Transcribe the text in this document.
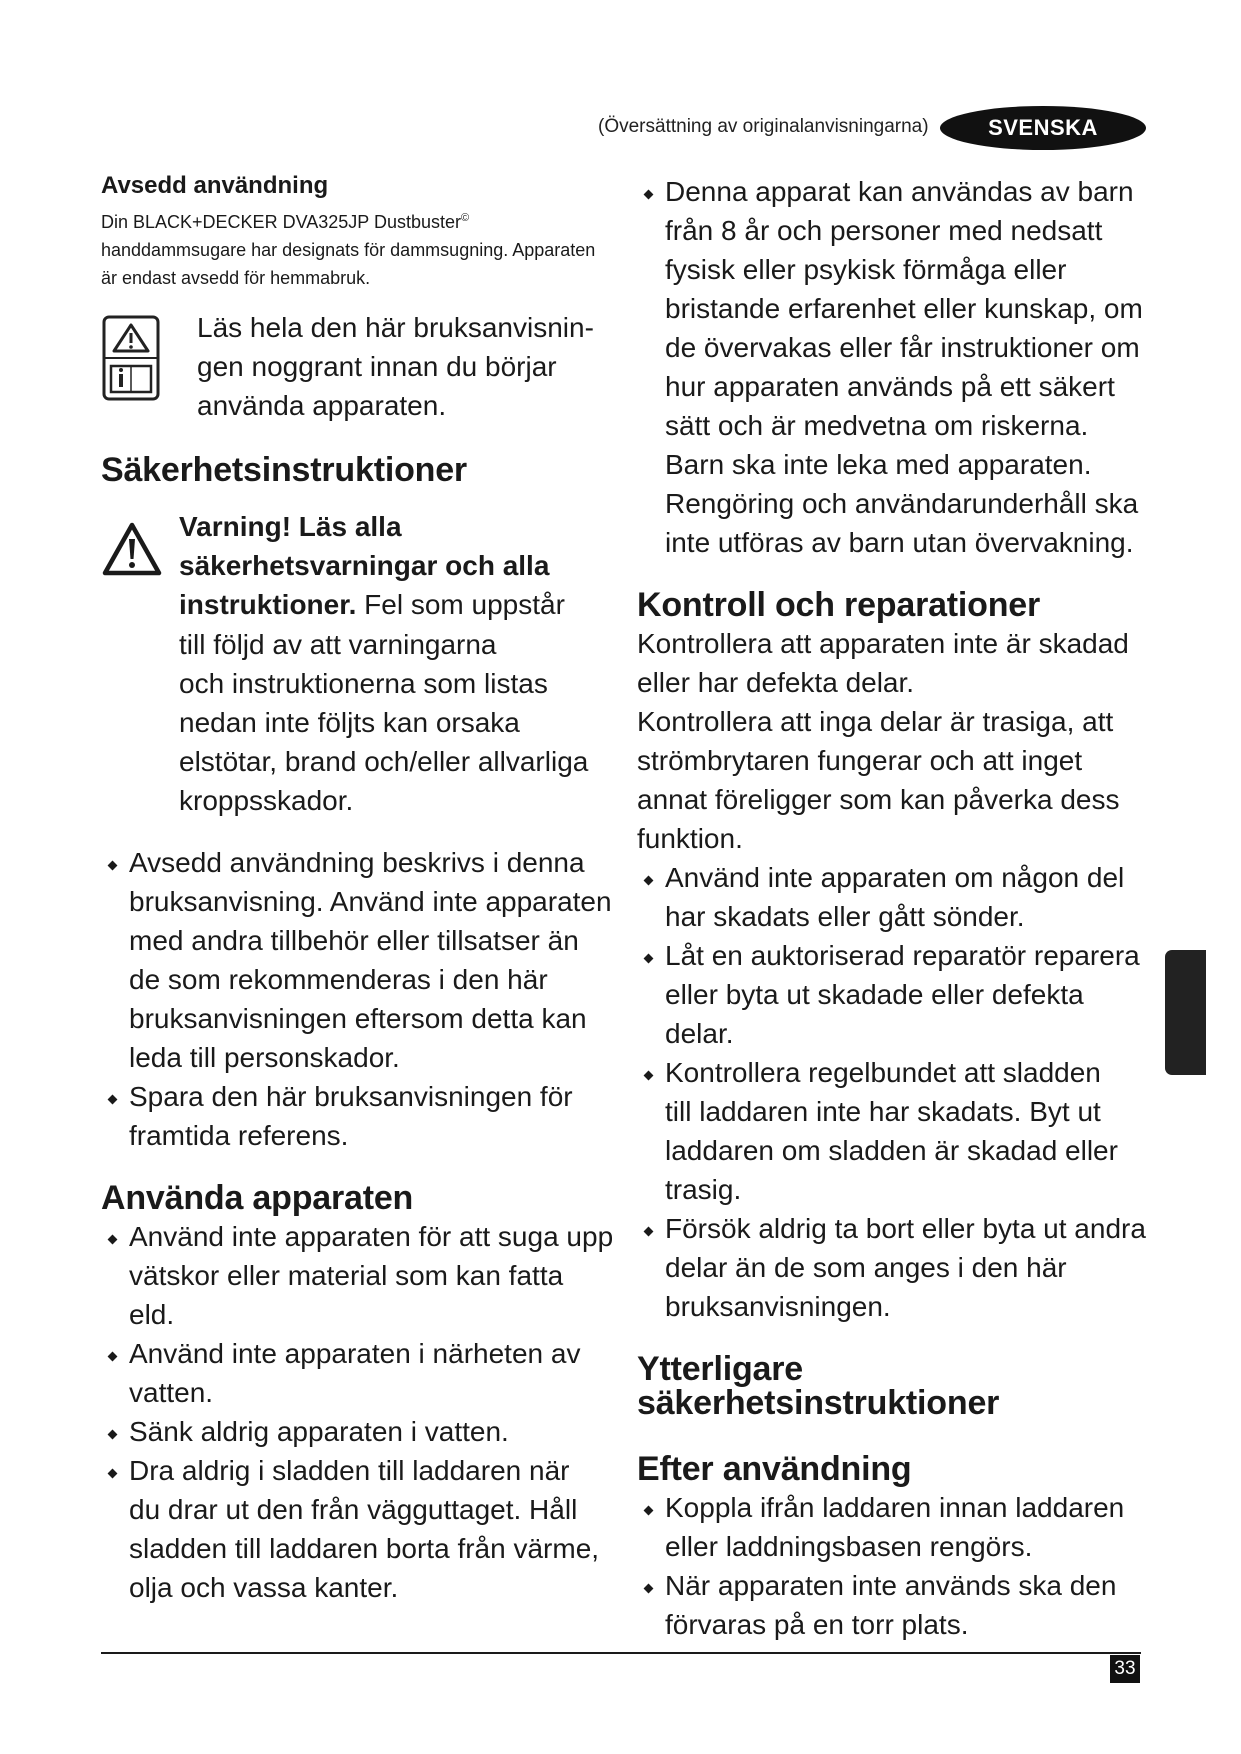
(Översättning av originalanvisningarna)	SVENSKA
Avsedd användning

Din BLACK+DECKER DVA325JP Dustbuster©
handdammsugare har designats för dammsugning. Apparaten
är endast avsedd för hemmabruk.

Läs hela den här bruksanvisnin-
gen noggrant innan du börjar
använda apparaten.
Säkerhetsinstruktioner
Varning! Läs alla
säkerhetsvarningar och alla
instruktioner. Fel som uppstår
till följd av att varningarna
och instruktionerna som listas
nedan inte följts kan orsaka
elstötar, brand och/eller allvarliga
kroppsskador.
Avsedd användning beskrivs i denna
bruksanvisning. Använd inte apparaten
med andra tillbehör eller tillsatser än
de som rekommenderas i den här
bruksanvisningen eftersom detta kan
leda till personskador.
Spara den här bruksanvisningen för
framtida referens.
Använda apparaten
Använd inte apparaten för att suga upp
vätskor eller material som kan fatta
eld.
Använd inte apparaten i närheten av
vatten.
Sänk aldrig apparaten i vatten.
Dra aldrig i sladden till laddaren när
du drar ut den från vägguttaget. Håll
sladden till laddaren borta från värme,
olja och vassa kanter.
Denna apparat kan användas av barn
från 8 år och personer med nedsatt
fysisk eller psykisk förmåga eller
bristande erfarenhet eller kunskap, om
de övervakas eller får instruktioner om
hur apparaten används på ett säkert
sätt och är medvetna om riskerna.
Barn ska inte leka med apparaten.
Rengöring och användarunderhåll ska
inte utföras av barn utan övervakning.
Kontroll och reparationer

Kontrollera att apparaten inte är skadad
eller har defekta delar.
Kontrollera att inga delar är trasiga, att
strömbrytaren fungerar och att inget
annat föreligger som kan påverka dess
funktion.

Använd inte apparaten om någon del
har skadats eller gått sönder.
Låt en auktoriserad reparatör reparera
eller byta ut skadade eller defekta
delar.
Kontrollera regelbundet att sladden
till laddaren inte har skadats. Byt ut
laddaren om sladden är skadad eller
trasig.
Försök aldrig ta bort eller byta ut andra
delar än de som anges i den här
bruksanvisningen.
Ytterligare
säkerhetsinstruktioner
Efter användning
Koppla ifrån laddaren innan laddaren
eller laddningsbasen rengörs.
När apparaten inte används ska den
förvaras på en torr plats.
33
